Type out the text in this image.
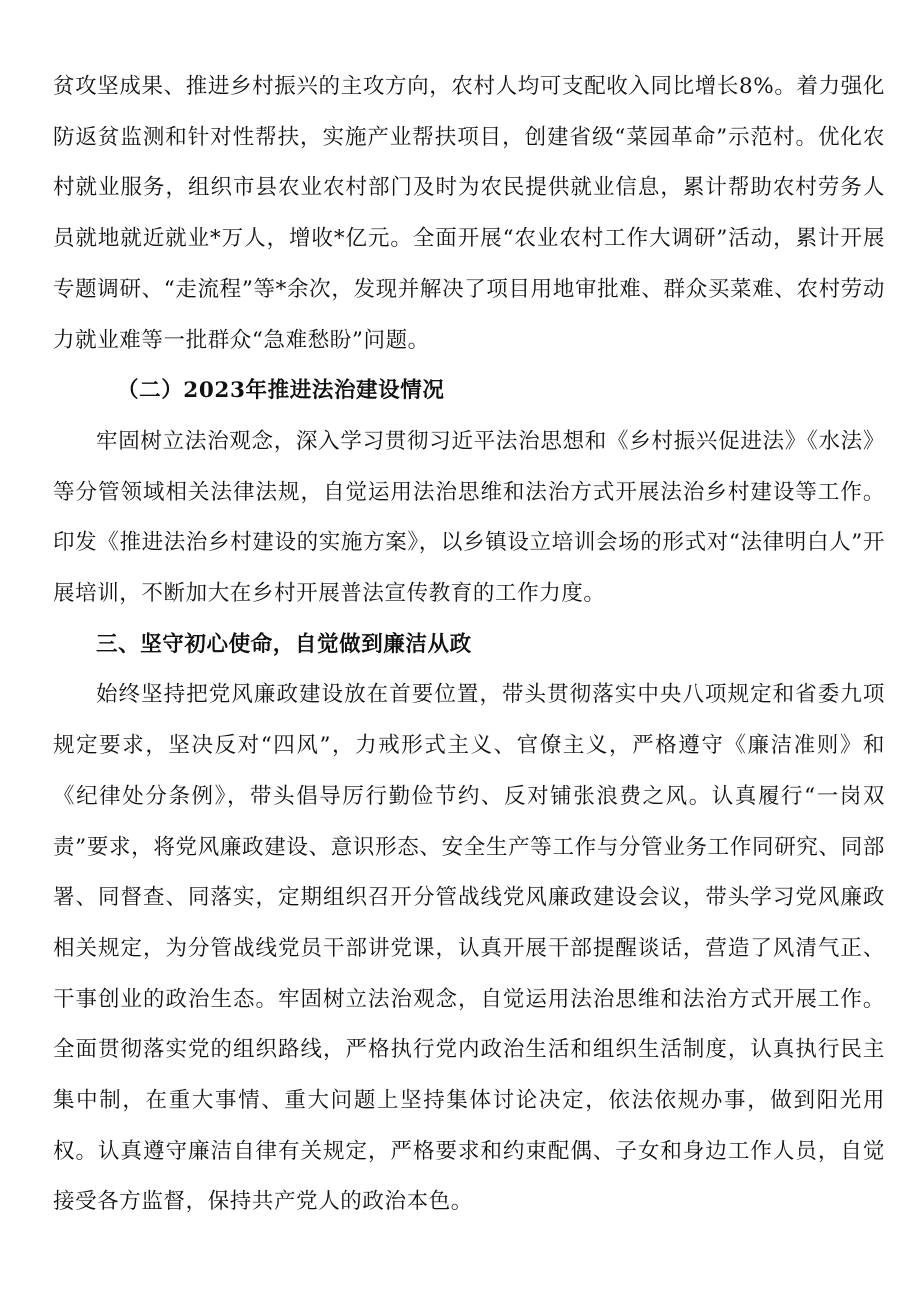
贫攻坚成果、推进乡村振兴的主攻方向，农村人均可支配收入同比增长8%。着力强化防返贫监测和针对性帮扶，实施产业帮扶项目，创建省级“菜园革命”示范村。优化农村就业服务，组织市县农业农村部门及时为农民提供就业信息，累计帮助农村劳务人员就地就近就业*万人，增收*亿元。全面开展“农业农村工作大调研”活动，累计开展专题调研、“走流程”等*余次，发现并解决了项目用地审批难、群众买菜难、农村劳动力就业难等一批群众“急难愁盼”问题。

（二）2023年推进法治建设情况

牢固树立法治观念，深入学习贯彻习近平法治思想和《乡村振兴促进法》《水法》等分管领域相关法律法规，自觉运用法治思维和法治方式开展法治乡村建设等工作。印发《推进法治乡村建设的实施方案》，以乡镇设立培训会场的形式对“法律明白人”开展培训，不断加大在乡村开展普法宣传教育的工作力度。

三、坚守初心使命，自觉做到廉洁从政

始终坚持把党风廉政建设放在首要位置，带头贯彻落实中央八项规定和省委九项规定要求，坚决反对“四风”，力戒形式主义、官僚主义，严格遵守《廉洁准则》和《纪律处分条例》，带头倡导厉行勤俭节约、反对铺张浪费之风。认真履行“一岗双责”要求，将党风廉政建设、意识形态、安全生产等工作与分管业务工作同研究、同部署、同督查、同落实，定期组织召开分管战线党风廉政建设会议，带头学习党风廉政相关规定，为分管战线党员干部讲党课，认真开展干部提醒谈话，营造了风清气正、干事创业的政治生态。牢固树立法治观念，自觉运用法治思维和法治方式开展工作。全面贯彻落实党的组织路线，严格执行党内政治生活和组织生活制度，认真执行民主集中制，在重大事情、重大问题上坚持集体讨论决定，依法依规办事，做到阳光用权。认真遵守廉洁自律有关规定，严格要求和约束配偶、子女和身边工作人员，自觉接受各方监督，保持共产党人的政治本色。
